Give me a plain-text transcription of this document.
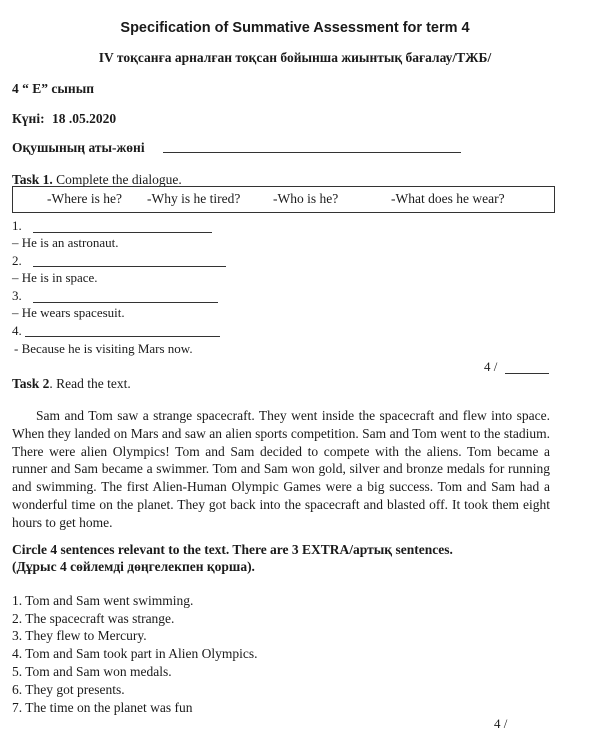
Specification of Summative Assessment for term 4
IV тоқсанға арналған тоқсан бойынша жиынтық бағалау/ТЖБ/
4 “ E” сынып
Күні: 18 .05.2020
Оқушының аты-жөні
Task 1. Complete the dialogue.
-Where is he? -Why is he tired? -Who is he?	-What does he wear?
1.
– He is an astronaut.
2.
– He is in space.
3.
– He wears spacesuit.
4.
- Because he is visiting Mars now.
4 /
Task 2. Read the text.
Sam and Tom saw a strange spacecraft. They went inside the spacecraft and flew into space. When they landed on Mars and saw an alien sports competition. Sam and Tom went to the stadium. There were alien Olympics! Tom and Sam decided to compete with the aliens. Tom became a runner and Sam became a swimmer. Tom and Sam won gold, silver and bronze medals for running and swimming. The first Alien-Human Olympic Games were a big success. Tom and Sam had a wonderful time on the planet. They got back into the spacecraft and blasted off. It took them eight hours to get home.
Circle 4 sentences relevant to the text. There are 3 EXTRA/артық sentences.
(Дұрыс 4 сөйлемді дөңгелекпен қорша).
1. Tom and Sam went swimming.
2. The spacecraft was strange.
3. They flew to Mercury.
4. Tom and Sam took part in Alien Olympics.
5. Tom and Sam won medals.
6. They got presents.
7. The time on the planet was fun
4 /
